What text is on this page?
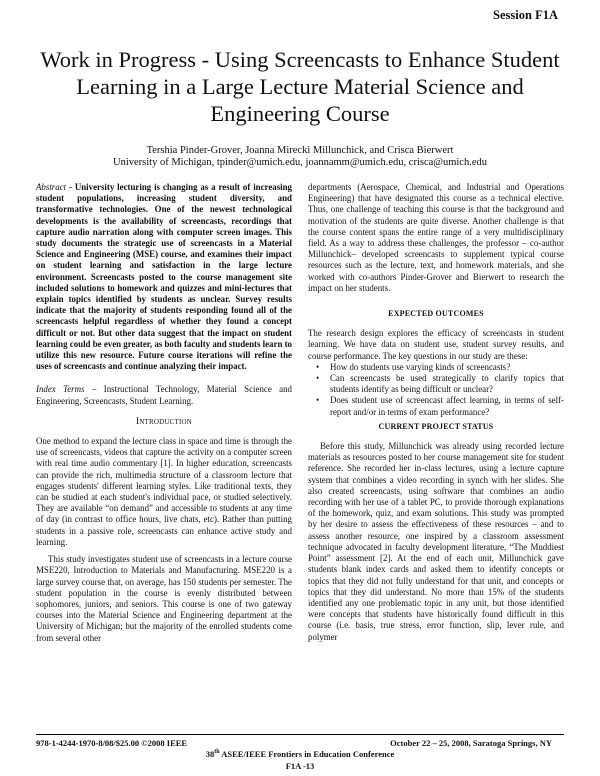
Session F1A
Work in Progress - Using Screencasts to Enhance Student Learning in a Large Lecture Material Science and Engineering Course
Tershia Pinder-Grover, Joanna Mirecki Millunchick, and Crisca Bierwert
University of Michigan, tpinder@umich.edu, joannamm@umich.edu, crisca@umich.edu

Abstract - University lecturing is changing as a result of increasing student populations, increasing student diversity, and transformative technologies. One of the newest technological developments is the availability of screencasts, recordings that capture audio narration along with computer screen images. This study documents the strategic use of screencasts in a Material Science and Engineering (MSE) course, and examines their impact on student learning and satisfaction in the large lecture environment. Screencasts posted to the course management site included solutions to homework and quizzes and mini-lectures that explain topics identified by students as unclear. Survey results indicate that the majority of students responding found all of the screencasts helpful regardless of whether they found a concept difficult or not. But other data suggest that the impact on student learning could be even greater, as both faculty and students learn to utilize this new resource. Future course iterations will refine the uses of screencasts and continue analyzing their impact.

Index Terms – Instructional Technology, Material Science and Engineering, Screencasts, Student Learning.

Introduction

One method to expand the lecture class in space and time is through the use of screencasts, videos that capture the activity on a computer screen with real time audio commentary [1]. In higher education, screencasts can provide the rich, multimedia structure of a classroom lecture that engages students' different learning styles. Like traditional texts, they can be studied at each student's individual pace, or studied selectively. They are available “on demand” and accessible to students at any time of day (in contrast to office hours, live chats, etc). Rather than putting students in a passive role, screencasts can enhance active study and learning.

This study investigates student use of screencasts in a lecture course MSE220, Introduction to Materials and Manufacturing. MSE220 is a large survey course that, on average, has 150 students per semester. The student population in the course is evenly distributed between sophomores, juniors, and seniors. This course is one of two gateway courses into the Material Science and Engineering department at the University of Michigan; but the majority of the enrolled students come from several other

departments (Aerospace, Chemical, and Industrial and Operations Engineering) that have designated this course as a technical elective. Thus, one challenge of teaching this course is that the background and motivation of the students are quite diverse. Another challenge is that the course content spans the entire range of a very multidisciplinary field. As a way to address these challenges, the professor – co-author Millunchick– developed screencasts to supplement typical course resources such as the lecture, text, and homework materials, and she worked with co-authors Pinder-Grover and Bierwert to research the impact on her students.

EXPECTED OUTCOMES

The research design explores the efficacy of screencasts in student learning. We have data on student use, student survey results, and course performance. The key questions in our study are these:

• How do students use varying kinds of screencasts?
• Can screencasts be used strategically to clarify topics that students identify as being difficult or unclear?
• Does student use of screencast affect learning, in terms of self-report and/or in terms of exam performance?

CURRENT PROJECT STATUS

Before this study, Millunchick was already using recorded lecture materials as resources posted to her course management site for student reference. She recorded her in-class lectures, using a lecture capture system that combines a video recording in synch with her slides. She also created screencasts, using software that combines an audio recording with her use of a tablet PC, to provide thorough explanations of the homework, quiz, and exam solutions. This study was prompted by her desire to assess the effectiveness of these resources – and to assess another resource, one inspired by a classroom assessment technique advocated in faculty development literature, “The Muddiest Point” assessment [2]. At the end of each unit, Millunchick gave students blank index cards and asked them to identify concepts or topics that they did not fully understand for that unit, and concepts or topics that they did understand. No more than 15% of the students identified any one problematic topic in any unit, but those identified were concepts that students have historically found difficult in this course (i.e. basis, true stress, error function, slip, lever rule, and polymer

978-1-4244-1970-8/08/$25.00 ©2008 IEEE	October 22 – 25, 2008, Saratoga Springs, NY
38th ASEE/IEEE Frontiers in Education Conference
F1A -13
